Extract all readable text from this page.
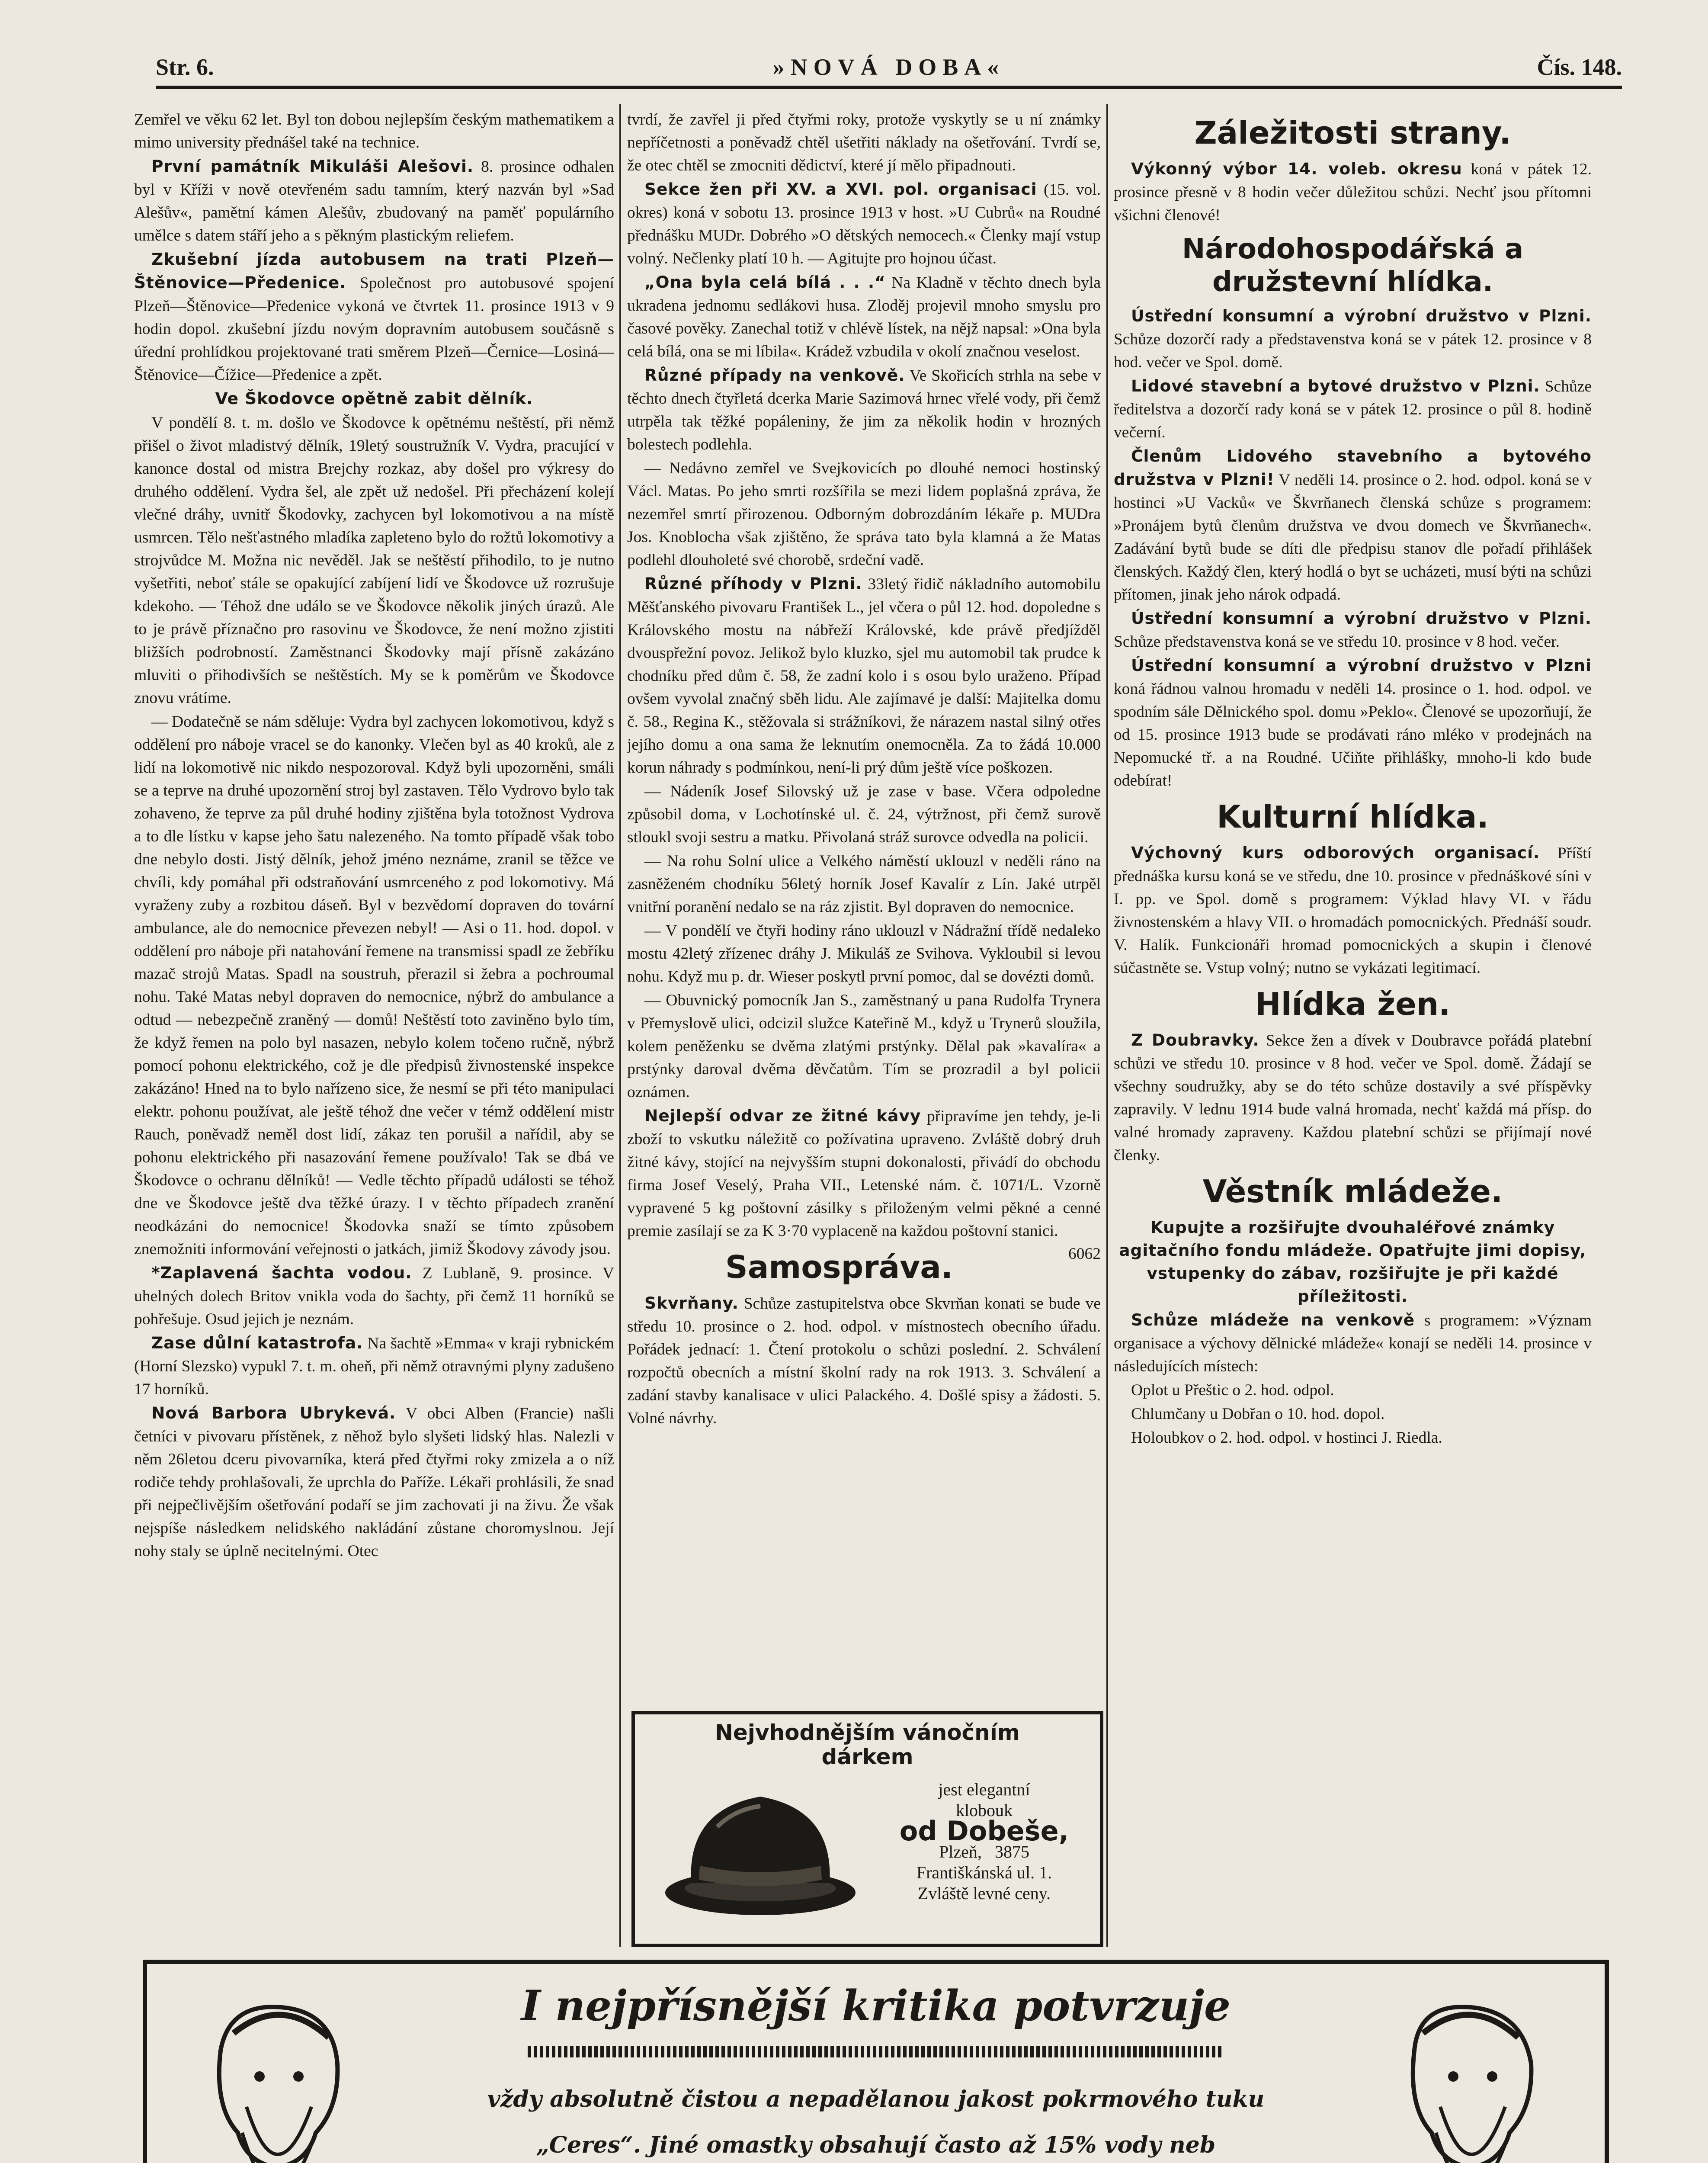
Str. 6.	»NOVÁ DOBA«	Čís. 148.

Zemřel ve věku 62 let. Byl ton dobou nejlepším českým mathematikem a mimo university přednášel také na technice.

První památník Mikuláši Alešovi. 8. prosince odhalen byl v Kříži v nově otevřeném sadu tamním, který nazván byl »Sad Alešův«, pamětní kámen Alešův, zbudovaný na paměť populárního umělce s datem stáří jeho a s pěkným plastickým reliefem.

Zkušební jízda autobusem na trati Plzeň—Štěnovice—Předenice. Společnost pro autobusové spojení Plzeň—Štěnovice—Předenice vykoná ve čtvrtek 11. prosince 1913 v 9 hodin dopol. zkušební jízdu novým dopravním autobusem součásně s úřední prohlídkou projektované trati směrem Plzeň—Černice—Losiná—Štěnovice—Čížice—Předenice a zpět.

Ve Škodovce opětně zabit dělník.

V pondělí 8. t. m. došlo ve Škodovce k opětnému neštěstí, při němž přišel o život mladistvý dělník, 19letý soustružník V. Vydra, pracující v kanonce dostal od mistra Brejchy rozkaz, aby došel pro výkresy do druhého oddělení. Vydra šel, ale zpět už nedošel. Při přecházení kolejí vlečné dráhy, uvnitř Škodovky, zachycen byl lokomotivou a na místě usmrcen. Tělo nešťastného mladíka zapleteno bylo do rožtů lokomotivy a strojvůdce M. Možna nic nevěděl. Jak se neštěstí přihodilo, to je nutno vyšetřiti, neboť stále se opakující zabíjení lidí ve Škodovce už rozrušuje kdekoho. — Téhož dne událo se ve Škodovce několik jiných úrazů. Ale to je právě příznačno pro rasovinu ve Škodovce, že není možno zjistiti bližších podrobností. Zaměstnanci Škodovky mají přísně zakázáno mluviti o přihodivších se neštěstích. My se k poměrům ve Škodovce znovu vrátíme.

— Dodatečně se nám sděluje: Vydra byl zachycen lokomotivou, když s oddělení pro náboje vracel se do kanonky. Vlečen byl as 40 kroků, ale z lidí na lokomotivě nic nikdo nespozoroval. Když byli upozorněni, smáli se a teprve na druhé upozornění stroj byl zastaven. Tělo Vydrovo bylo tak zohaveno, že teprve za půl druhé hodiny zjištěna byla totožnost Vydrova a to dle lístku v kapse jeho šatu nalezeného. Na tomto případě však tobo dne nebylo dosti. Jistý dělník, jehož jméno neznáme, zranil se těžce ve chvíli, kdy pomáhal při odstraňování usmrceného z pod lokomotivy. Má vyraženy zuby a rozbitou dáseň. Byl v bezvědomí dopraven do tovární ambulance, ale do nemocnice převezen nebyl! — Asi o 11. hod. dopol. v oddělení pro náboje při natahování řemene na transmissi spadl ze žebříku mazač strojů Matas. Spadl na soustruh, přerazil si žebra a pochroumal nohu. Také Matas nebyl dopraven do nemocnice, nýbrž do ambulance a odtud — nebezpečně zraněný — domů! Neštěstí toto zaviněno bylo tím, že když řemen na polo byl nasazen, nebylo kolem točeno ručně, nýbrž pomocí pohonu elektrického, což je dle předpisů živnostenské inspekce zakázáno! Hned na to bylo nařízeno sice, že nesmí se při této manipulaci elektr. pohonu používat, ale ještě téhož dne večer v témž oddělení mistr Rauch, poněvadž neměl dost lidí, zákaz ten porušil a nařídil, aby se pohonu elektrického při nasazování řemene používalo! Tak se dbá ve Škodovce o ochranu dělníků! — Vedle těchto případů události se téhož dne ve Škodovce ještě dva těžké úrazy. I v těchto případech zranění neodkázáni do nemocnice! Škodovka snaží se tímto způsobem znemožniti informování veřejnosti o jatkách, jimiž Škodovy závody jsou.

*Zaplavená šachta vodou. Z Lublaně, 9. prosince. V uhelných dolech Britov vnikla voda do šachty, při čemž 11 horníků se pohřešuje. Osud jejich je neznám.

Zase důlní katastrofa. Na šachtě »Emma« v kraji rybnickém (Horní Slezsko) vypukl 7. t. m. oheň, při němž otravnými plyny zadušeno 17 horníků.

Nová Barbora Ubrykevá. V obci Alben (Francie) našli četníci v pivovaru přístěnek, z něhož bylo slyšeti lidský hlas. Nalezli v něm 26letou dceru pivovarníka, která před čtyřmi roky zmizela a o níž rodiče tehdy prohlašovali, že uprchla do Paříže. Lékaři prohlásili, že snad při nejpečlivějším ošetřování podaří se jim zachovati ji na živu. Že však nejspíše následkem nelidského nakládání zůstane choromyslnou. Její nohy staly se úplně necitelnými. Otec

tvrdí, že zavřel ji před čtyřmi roky, protože vyskytly se u ní známky nepříčetnosti a poněvadž chtěl ušetřiti náklady na ošetřování. Tvrdí se, že otec chtěl se zmocniti dědictví, které jí mělo připadnouti.

Sekce žen při XV. a XVI. pol. organisaci (15. vol. okres) koná v sobotu 13. prosince 1913 v host. »U Cubrů« na Roudné přednášku MUDr. Dobrého »O dětských nemocech.« Členky mají vstup volný. Nečlenky platí 10 h. — Agitujte pro hojnou účast.

„Ona byla celá bílá . . .“ Na Kladně v těchto dnech byla ukradena jednomu sedlákovi husa. Zloděj projevil mnoho smyslu pro časové pověky. Zanechal totiž v chlévě lístek, na nějž napsal: »Ona byla celá bílá, ona se mi líbila«. Krádež vzbudila v okolí značnou veselost.

Různé případy na venkově. Ve Skořicích strhla na sebe v těchto dnech čtyřletá dcerka Marie Sazimová hrnec vřelé vody, při čemž utrpěla tak těžké popáleniny, že jim za několik hodin v hrozných bolestech podlehla.

— Nedávno zemřel ve Svejkovicích po dlouhé nemoci hostinský Václ. Matas. Po jeho smrti rozšířila se mezi lidem poplašná zpráva, že nezemřel smrtí přirozenou. Odborným dobrozdáním lékaře p. MUDra Jos. Knoblocha však zjištěno, že správa tato byla klamná a že Matas podlehl dlouholeté své chorobě, srdeční vadě.

Různé příhody v Plzni. 33letý řidič nákladního automobilu Měšťanského pivovaru František L., jel včera o půl 12. hod. dopoledne s Královského mostu na nábřeží Královské, kde právě předjížděl dvouspřežní povoz. Jelikož bylo kluzko, sjel mu automobil tak prudce k chodníku před dům č. 58, že zadní kolo i s osou bylo uraženo. Případ ovšem vyvolal značný sběh lidu. Ale zajímavé je další: Majitelka domu č. 58., Regina K., stěžovala si strážníkovi, že nárazem nastal silný otřes jejího domu a ona sama že leknutím onemocněla. Za to žádá 10.000 korun náhrady s podmínkou, není-li prý dům ještě více poškozen.

— Nádeník Josef Silovský už je zase v base. Včera odpoledne způsobil doma, v Lochotínské ul. č. 24, výtržnost, při čemž surově stloukl svoji sestru a matku. Přivolaná stráž surovce odvedla na policii.

— Na rohu Solní ulice a Velkého náměstí uklouzl v neděli ráno na zasněženém chodníku 56letý horník Josef Kavalír z Lín. Jaké utrpěl vnitřní poranění nedalo se na ráz zjistit. Byl dopraven do nemocnice.

— V pondělí ve čtyři hodiny ráno uklouzl v Nádražní třídě nedaleko mostu 42letý zřízenec dráhy J. Mikuláš ze Svihova. Vykloubil si levou nohu. Když mu p. dr. Wieser poskytl první pomoc, dal se dovézti domů.

— Obuvnický pomocník Jan S., zaměstnaný u pana Rudolfa Trynera v Přemyslově ulici, odcizil služce Kateřině M., když u Trynerů sloužila, kolem peněženku se dvěma zlatými prstýnky. Dělal pak »kavalíra« a prstýnky daroval dvěma děvčatům. Tím se prozradil a byl policii oznámen.

Nejlepší odvar ze žitné kávy připravíme jen tehdy, je-li zboží to vskutku náležitě co požívatina upraveno. Zvláště dobrý druh žitné kávy, stojící na nejvyšším stupni dokonalosti, přivádí do obchodu firma Josef Veselý, Praha VII., Letenské nám. č. 1071/L. Vzorně vypravené 5 kg poštovní zásilky s přiloženým velmi pěkné a cenné premie zasílají se za K 3·70 vyplaceně na každou poštovní stanici.
6062

Samospráva.

Skvrňany. Schůze zastupitelstva obce Skvrňan konati se bude ve středu 10. prosince o 2. hod. odpol. v místnostech obecního úřadu. Pořádek jednací: 1. Čtení protokolu o schůzi poslední. 2. Schválení rozpočtů obecních a místní školní rady na rok 1913. 3. Schválení a zadání stavby kanalisace v ulici Palackého. 4. Došlé spisy a žádosti. 5. Volné návrhy.

Nejvhodnějším vánočním
dárkem
jest elegantní
klobouk
od Dobeše,
Plzeň, 3875
Františkánská ul. 1.
Zvláště levné ceny.
Záležitosti strany.

Výkonný výbor 14. voleb. okresu koná v pátek 12. prosince přesně v 8 hodin večer důležitou schůzi. Nechť jsou přítomni všichni členové!

Národohospodářská a družstevní hlídka.

Ústřední konsumní a výrobní družstvo v Plzni. Schůze dozorčí rady a představenstva koná se v pátek 12. prosince v 8 hod. večer ve Spol. domě.

Lidové stavební a bytové družstvo v Plzni. Schůze ředitelstva a dozorčí rady koná se v pátek 12. prosince o půl 8. hodině večerní.

Členům Lidového stavebního a bytového družstva v Plzni! V neděli 14. prosince o 2. hod. odpol. koná se v hostinci »U Vacků« ve Škvrňanech členská schůze s programem: »Pronájem bytů členům družstva ve dvou domech ve Škvrňanech«. Zadávání bytů bude se díti dle předpisu stanov dle pořadí přihlášek členských. Každý člen, který hodlá o byt se ucházeti, musí býti na schůzi přítomen, jinak jeho nárok odpadá.

Ústřední konsumní a výrobní družstvo v Plzni. Schůze představenstva koná se ve středu 10. prosince v 8 hod. večer.

Ústřední konsumní a výrobní družstvo v Plzni koná řádnou valnou hromadu v neděli 14. prosince o 1. hod. odpol. ve spodním sále Dělnického spol. domu »Peklo«. Členové se upozorňují, že od 15. prosince 1913 bude se prodávati ráno mléko v prodejnách na Nepomucké tř. a na Roudné. Učiňte přihlášky, mnoho-li kdo bude odebírat!

Kulturní hlídka.

Výchovný kurs odborových organisací. Příští přednáška kursu koná se ve středu, dne 10. prosince v přednáškové síni v I. pp. ve Spol. domě s programem: Výklad hlavy VI. v řádu živnostenském a hlavy VII. o hromadách pomocnických. Přednáší soudr. V. Halík. Funkcionáři hromad pomocnických a skupin i členové súčastněte se. Vstup volný; nutno se vykázati legitimací.

Hlídka žen.

Z Doubravky. Sekce žen a dívek v Doubravce pořádá platební schůzi ve středu 10. prosince v 8 hod. večer ve Spol. domě. Žádají se všechny soudružky, aby se do této schůze dostavily a své příspěvky zapravily. V lednu 1914 bude valná hromada, nechť každá má přísp. do valné hromady zapraveny. Každou platební schůzi se přijímají nové členky.

Věstník mládeže.

Kupujte a rozšiřujte dvouhaléřové známky agitačního fondu mládeže. Opatřujte jimi dopisy, vstupenky do zábav, rozšiřujte je při každé příležitosti.

Schůze mládeže na venkově s programem: »Význam organisace a výchovy dělnické mládeže« konají se neděli 14. prosince v následujících místech:

Oplot u Přeštic o 2. hod. odpol.

Chlumčany u Dobřan o 10. hod. dopol.

Holoubkov o 2. hod. odpol. v hostinci J. Riedla.

I nejpřísnější kritika potvrzuje
vždy absolutně čistou a nepadělanou jakost pokrmového tuku
„Ceres“. Jiné omastky obsahují často až 15% vody neb
